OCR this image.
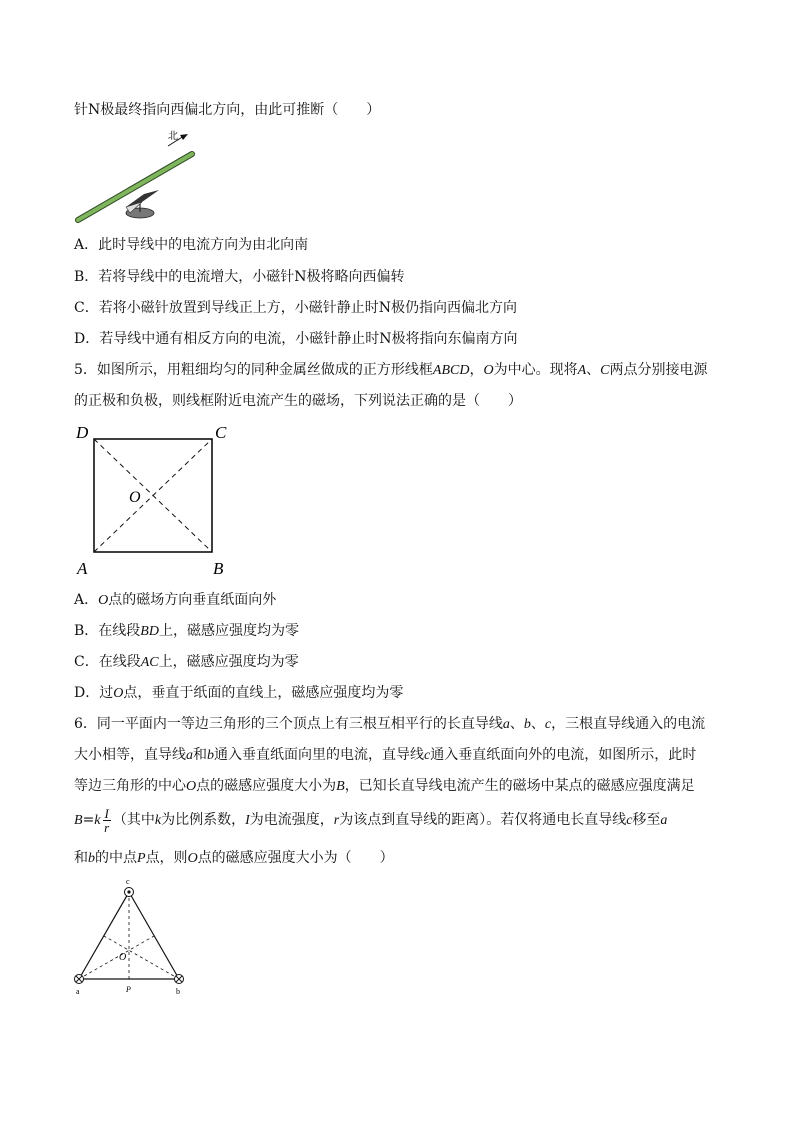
针N极最终指向西偏北方向，由此可推断（　　）
北
A．此时导线中的电流方向为由北向南
B．若将导线中的电流增大，小磁针N极将略向西偏转
C．若将小磁针放置到导线正上方，小磁针静止时N极仍指向西偏北方向
D．若导线中通有相反方向的电流，小磁针静止时N极将指向东偏南方向
5．如图所示，用粗细均匀的同种金属丝做成的正方形线框ABCD，O为中心。现将A、C两点分别接电源
的正极和负极，则线框附近电流产生的磁场，下列说法正确的是（　　）
D	C
A	B
O
A．O点的磁场方向垂直纸面向外
B．在线段BD上，磁感应强度均为零
C．在线段AC上，磁感应强度均为零
D．过O点，垂直于纸面的直线上，磁感应强度均为零
6．同一平面内一等边三角形的三个顶点上有三根互相平行的长直导线a、b、c，三根直导线通入的电流
大小相等，直导线a和b通入垂直纸面向里的电流，直导线c通入垂直纸面向外的电流，如图所示，此时
等边三角形的中心O点的磁感应强度大小为B，已知长直导线电流产生的磁场中某点的磁感应强度满足
$B=k \frac{I}{r}$ （其中k为比例系数，I为电流强度，r为该点到直导线的距离）。若仅将通电长直导线c移至a
和b的中点P点，则O点的磁感应强度大小为（　　）
c
O
a	P	b
